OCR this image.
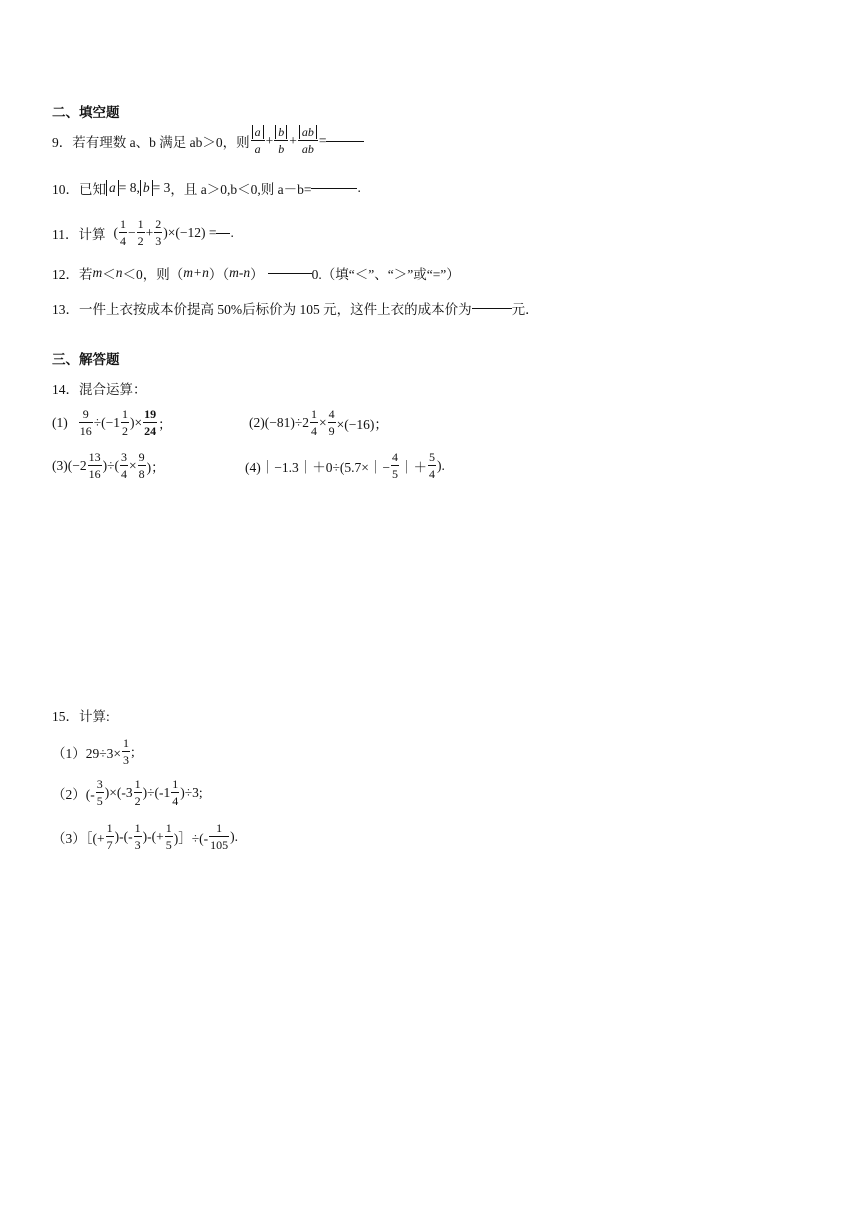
二、填空题
9． 若有理数 a、b 满足 ab＞0，则 $\frac{a}{a} + \frac{b}{b} + \frac{ab}{ab}$ =
10． 已知 a = 8, b = 3 ，且 a＞0,b＜0,则 a－b=	.
11． 计算 ( $\frac{1}{4} - \frac{1}{2} + \frac{2}{3} )\times(-12)$ = .
12． 若 m ＜ n ＜0，则（ m+n ）（ m-n ）	0.（填“＜”、“＞”或“=”）
13． 一件上衣按成本价提高 50%后标价为 105 元，这件上衣的成本价为	元．
三、解答题
14．混合运算：
$(1) \frac{9}{16} \div(-1 \frac{1}{2}$ )× $\frac{19}{24}$ ；	$(2)(-81)\div 2 \frac{1}{4} \times \frac{4}{9} \times(-16)$；
$(3)(-2 \frac{13}{16}$ )÷( $\frac{3}{4} \times \frac{9}{8}$ )；	(4)｜−1.3｜＋0÷(5.7×｜− $\frac{4}{5}$ ｜＋ $\frac{5}{4}$ ).
15．计算:
$(1)29\div 3\times \frac{1}{3}$ ;
$(2)(- \frac{3}{5} )\times(-3 \frac{1}{2} )\div(-1 \frac{1}{4} )\div 3$;
（3）［(+ $\frac{1}{7}$ )-(- $\frac{1}{3}$ )-(+ $\frac{1}{5}$ )］÷(- $\frac{1}{105}$ ).
